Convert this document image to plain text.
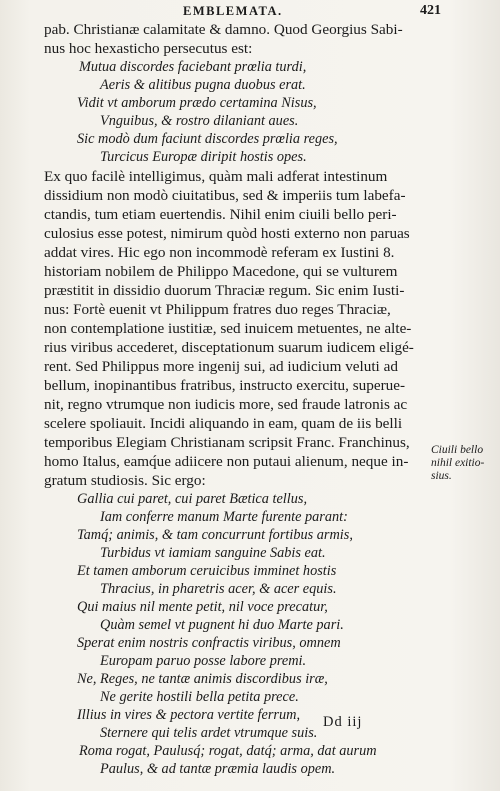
EMBLEMATA.	421
pab. Christianæ calamitate & damno. Quod Georgius Sabi-
nus hoc hexasticho persecutus est:
Mutua discordes faciebant prœlia turdi,
Aeris & alitibus pugna duobus erat.
Vidit vt amborum prædo certamina Nisus,
Vnguibus, & rostro dilaniant aues.
Sic modò dum faciunt discordes prœlia reges,
Turcicus Europæ diripit hostis opes.
Ex quo facilè intelligimus, quàm mali adferat intestinum
dissidium non modò ciuitatibus, sed & imperiis tum labefa-
ctandis, tum etiam euertendis. Nihil enim ciuili bello peri-
culosius esse potest, nimirum quòd hosti externo non paruas
addat vires. Hic ego non incommodè referam ex Iustini 8.
historiam nobilem de Philippo Macedone, qui se vulturem
præstitit in dissidio duorum Thraciæ regum. Sic enim Iusti-
nus: Fortè euenit vt Philippum fratres duo reges Thraciæ,
non contemplatione iustitiæ, sed inuicem metuentes, ne alte-
rius viribus accederet, disceptationum suarum iudicem eligé-
rent. Sed Philippus more ingenij sui, ad iudicium veluti ad
bellum, inopinantibus fratribus, instructo exercitu, superue-
nit, regno vtrumque non iudicis more, sed fraude latronis ac
scelere spoliauit. Incidi aliquando in eam, quam de iis belli
temporibus Elegiam Christianam scripsit Franc. Franchinus,
homo Italus, eamq́ue adiicere non putaui alienum, neque in-
gratum studiosis. Sic ergo:
Gallia cui paret, cui paret Bætica tellus,
Iam conferre manum Marte furente parant:
Tamq́; animis, & tam concurrunt fortibus armis,
Turbidus vt iamiam sanguine Sabis eat.
Et tamen amborum ceruicibus imminet hostis
Thracius, in pharetris acer, & acer equis.
Qui maius nil mente petit, nil voce precatur,
Quàm semel vt pugnent hi duo Marte pari.
Sperat enim nostris confractis viribus, omnem
Europam paruo posse labore premi.
Ne, Reges, ne tantæ animis discordibus iræ,
Ne gerite hostili bella petita prece.
Illius in vires & pectora vertite ferrum,
Sternere qui telis ardet vtrumque suis.
Roma rogat, Paulusq́; rogat, datq́; arma, dat aurum
Paulus, & ad tantæ præmia laudis opem.
Ciuili bello
nihil exitio-
sius.
Dd iij
